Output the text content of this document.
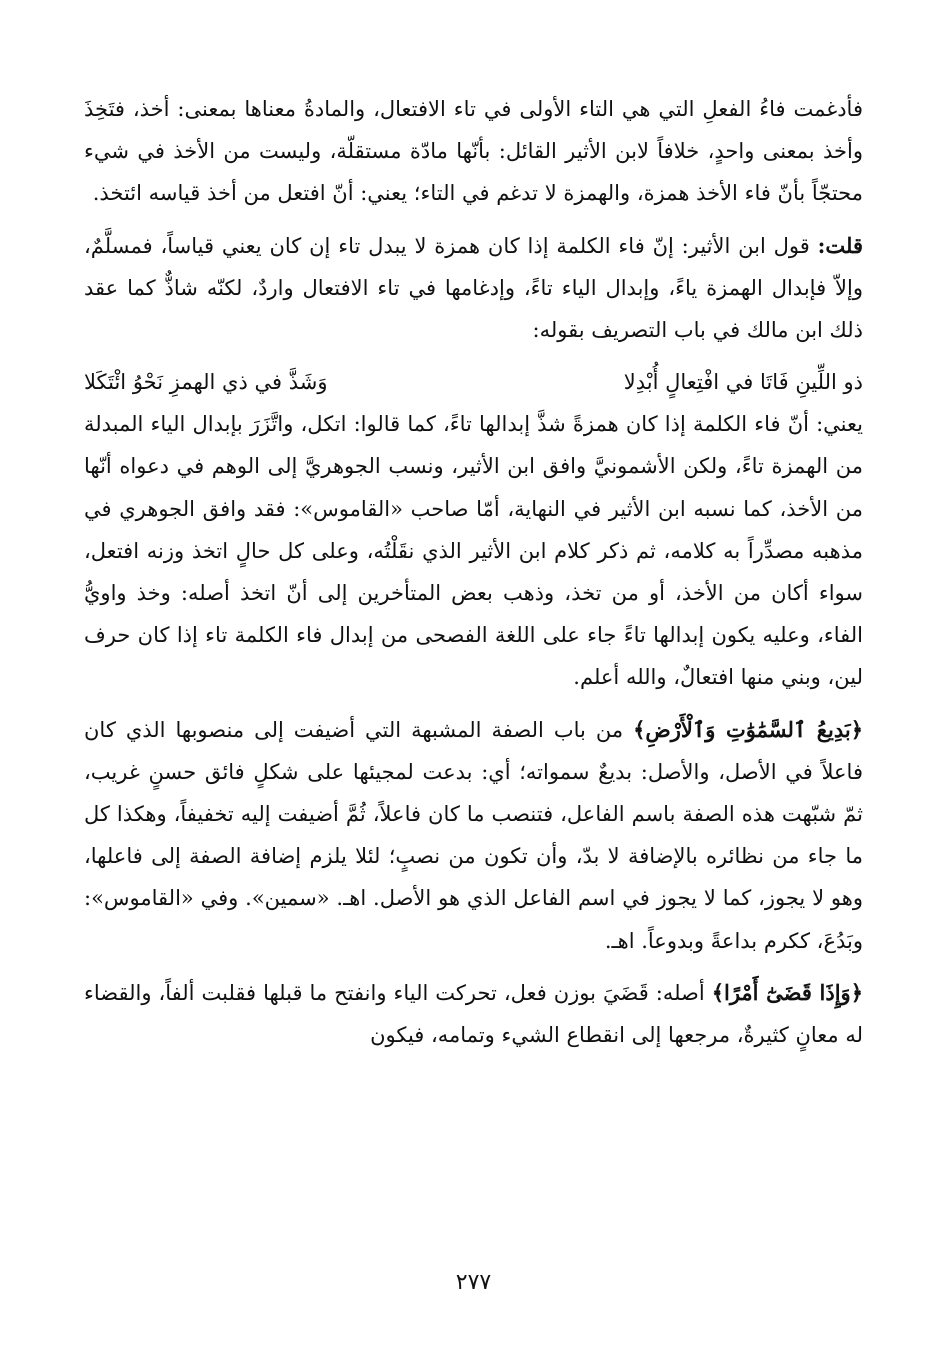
فأدغمت فاءُ الفعلِ التي هي التاء الأولى في تاء الافتعال، والمادةُ معناها بمعنى: أخذ، فتَخِذَ وأخذ بمعنى واحدٍ، خلافاً لابن الأثير القائل: بأنّها مادّة مستقلّة، وليست من الأخذ في شيء محتجّاً بأنّ فاء الأخذ همزة، والهمزة لا تدغم في التاء؛ يعني: أنّ افتعل من أخذ قياسه ائتخذ.

قلت: قول ابن الأثير: إنّ فاء الكلمة إذا كان همزة لا يبدل تاء إن كان يعني قياساً، فمسلَّمٌ، وإلاّ فإبدال الهمزة ياءً، وإبدال الياء تاءً، وإدغامها في تاء الافتعال واردٌ، لكنّه شاذٌّ كما عقد ذلك ابن مالك في باب التصريف بقوله:

ذو اللِّينِ فَاتَا في افْتِعالٍ أُبْدِلا
وَشَذَّ في ذي الهمزِ نَحْوُ ائْتَكَلا

يعني: أنّ فاء الكلمة إذا كان همزةً شذَّ إبدالها تاءً، كما قالوا: اتكل، واتَّزَرَ بإبدال الياء المبدلة من الهمزة تاءً، ولكن الأشمونيَّ وافق ابن الأثير، ونسب الجوهريَّ إلى الوهم في دعواه أنّها من الأخذ، كما نسبه ابن الأثير في النهاية، أمّا صاحب «القاموس»: فقد وافق الجوهري في مذهبه مصدِّراً به كلامه، ثم ذكر كلام ابن الأثير الذي نقَلْتُه، وعلى كل حالٍ اتخذ وزنه افتعل، سواء أكان من الأخذ، أو من تخذ، وذهب بعض المتأخرين إلى أنّ اتخذ أصله: وخذ واويُّ الفاء، وعليه يكون إبدالها تاءً جاء على اللغة الفصحى من إبدال فاء الكلمة تاء إذا كان حرف لين، وبني منها افتعالٌ، والله أعلم.

﴿بَدِيعُ ٱلسَّمَٰوَٰتِ وَٱلْأَرْضِ﴾ من باب الصفة المشبهة التي أضيفت إلى منصوبها الذي كان فاعلاً في الأصل، والأصل: بديعٌ سمواته؛ أي: بدعت لمجيئها على شكلٍ فائق حسنٍ غريب، ثمّ شبّهت هذه الصفة باسم الفاعل، فتنصب ما كان فاعلاً، ثُمَّ أضيفت إليه تخفيفاً، وهكذا كل ما جاء من نظائره بالإضافة لا بدّ، وأن تكون من نصبٍ؛ لئلا يلزم إضافة الصفة إلى فاعلها، وهو لا يجوز، كما لا يجوز في اسم الفاعل الذي هو الأصل. اهـ. «سمين». وفي «القاموس»: وبَدُعَ، ككرم بداعةً وبدوعاً. اهـ.

﴿وَإِذَا قَضَىٰٓ أَمْرًا﴾ أصله: قَضَيَ بوزن فعل، تحركت الياء وانفتح ما قبلها فقلبت ألفاً، والقضاء له معانٍ كثيرةٌ، مرجعها إلى انقطاع الشيء وتمامه، فيكون

٢٧٧
